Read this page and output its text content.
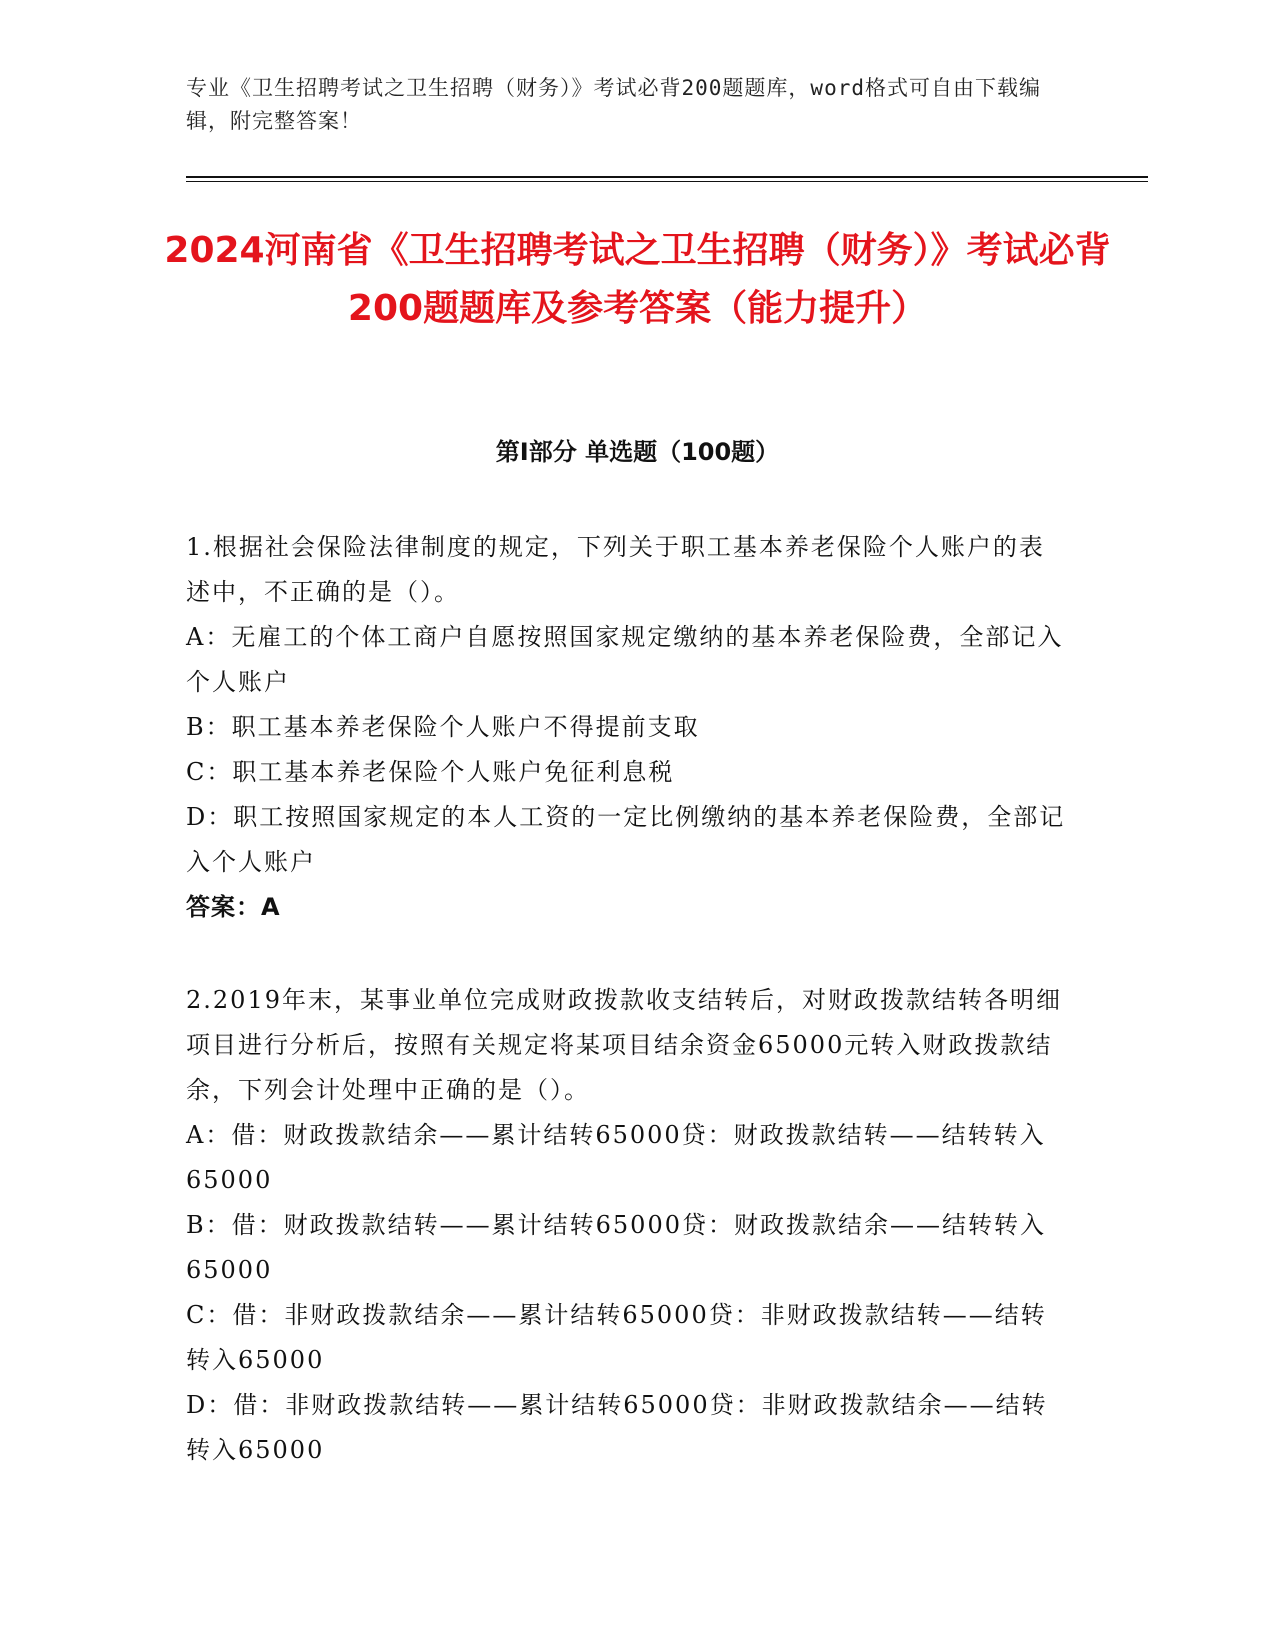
专业《卫生招聘考试之卫生招聘（财务）》考试必背200题题库，word格式可自由下载编辑，附完整答案！
2024河南省《卫生招聘考试之卫生招聘（财务）》考试必背200题题库及参考答案（能力提升）
第Ⅰ部分 单选题（100题）

1.根据社会保险法律制度的规定，下列关于职工基本养老保险个人账户的表述中，不正确的是（）。

A：无雇工的个体工商户自愿按照国家规定缴纳的基本养老保险费，全部记入个人账户

B：职工基本养老保险个人账户不得提前支取

C：职工基本养老保险个人账户免征利息税

D：职工按照国家规定的本人工资的一定比例缴纳的基本养老保险费，全部记入个人账户

答案：A

2.2019年末，某事业单位完成财政拨款收支结转后，对财政拨款结转各明细项目进行分析后，按照有关规定将某项目结余资金65000元转入财政拨款结余，下列会计处理中正确的是（）。

A：借：财政拨款结余——累计结转65000贷：财政拨款结转——结转转入65000

B：借：财政拨款结转——累计结转65000贷：财政拨款结余——结转转入65000

C：借：非财政拨款结余——累计结转65000贷：非财政拨款结转——结转转入65000

D：借：非财政拨款结转——累计结转65000贷：非财政拨款结余——结转转入65000
